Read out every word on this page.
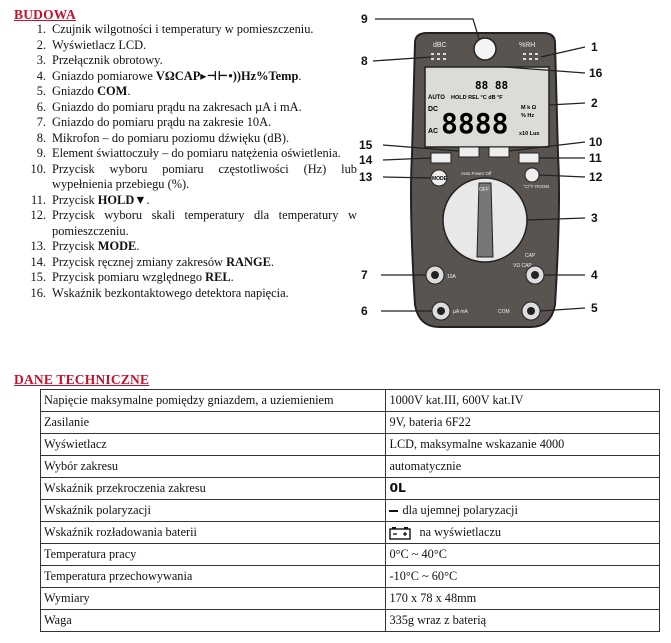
BUDOWA
1. Czujnik wilgotności i temperatury w pomieszczeniu.
2. Wyświetlacz LCD.
3. Przełącznik obrotowy.
4. Gniazdo pomiarowe VΩCAP▸⊣⊢•))Hz%Temp.
5. Gniazdo COM.
6. Gniazdo do pomiaru prądu na zakresach µA i mA.
7. Gniazdo do pomiaru prądu na zakresie 10A.
8. Mikrofon – do pomiaru poziomu dźwięku (dB).
9. Element świattoczuły – do pomiaru natężenia oświetlenia.
10. Przycisk wyboru pomiaru częstotliwości (Hz) lub wypełnienia przebiegu (%).
11. Przycisk HOLD▼.
12. Przycisk wyboru skali temperatury dla temperatury w pomieszczeniu.
13. Przycisk MODE.
14. Przycisk ręcznej zmiany zakresów RANGE.
15. Przycisk pomiaru względnego REL.
16. Wskaźnik bezkontaktowego detektora napięcia.
dBC	%RH
AUTO HOLD REL °C dB °F
88 88
DC
AC 8888 M k Ω
% Hz
x10 Lux
MODE
°C/°F ROOM
Auto Power Off
OFF
CAP
10A
VΩ CAP
µA mA	COM
9
8
1
16
2
15	10
14	11
13	12
3
7	4
6	5
DANE TECHNICZNE
Napięcie maksymalne pomiędzy gniazdem, a uziemieniem	1000V kat.III, 600V kat.IV
Zasilanie	9V, bateria 6F22
Wyświetlacz	LCD, maksymalne wskazanie 4000
Wybór zakresu	automatycznie
Wskaźnik przekroczenia zakresu	0L
Wskaźnik polaryzacji	dla ujemnej polaryzacji
Wskaźnik rozładowania baterii	na wyświetlaczu
Temperatura pracy	0°C ~ 40°C
Temperatura przechowywania	-10°C ~ 60°C
Wymiary	170 x 78 x 48mm
Waga	335g wraz z baterią
